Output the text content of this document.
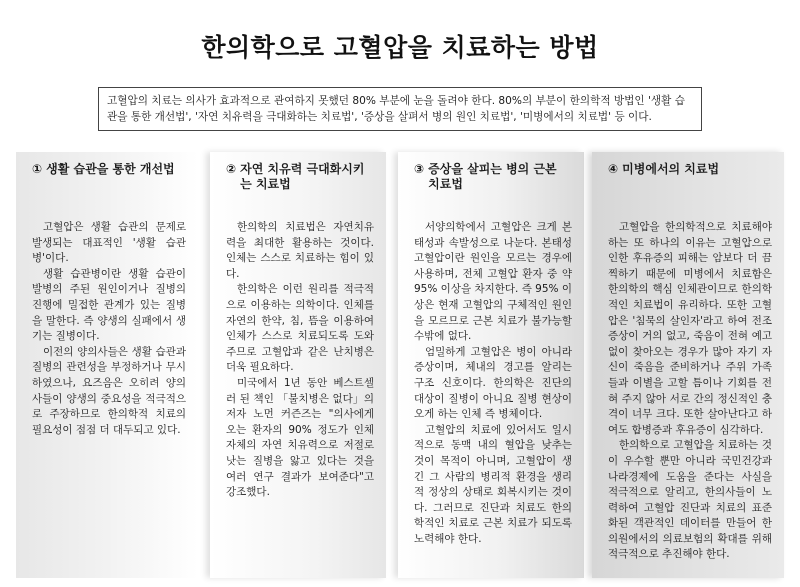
한의학으로 고혈압을 치료하는 방법
고혈압의 치료는 의사가 효과적으로 관여하지 못했던 80% 부분에 눈을 돌려야 한다. 80%의 부분이 한의학적 방법인 '생활 습관을 통한 개선법', '자연 치유력을 극대화하는 치료법', '증상을 살펴서 병의 원인 치료법', '미병에서의 치료법' 등 이다.
① 생활 습관을 통한 개선법

고혈압은 생활 습관의 문제로 발생되는 대표적인 '생활 습관병'이다.

생활 습관병이란 생활 습관이 발병의 주된 원인이거나 질병의 진행에 밀접한 관계가 있는 질병을 말한다. 즉 양생의 실패에서 생기는 질병이다.

이전의 양의사들은 생활 습관과 질병의 관련성을 부정하거나 무시하였으나, 요즈음은 오히려 양의사들이 양생의 중요성을 적극적으로 주장하므로 한의학적 치료의 필요성이 점점 더 대두되고 있다.

② 자연 치유력 극대화시키는 치료법

한의학의 치료법은 자연치유력을 최대한 활용하는 것이다. 인체는 스스로 치료하는 힘이 있다.

한의학은 이런 원리를 적극적으로 이용하는 의학이다. 인체를 자연의 한약, 침, 뜸을 이용하여 인체가 스스로 치료되도록 도와주므로 고혈압과 같은 난치병은 더욱 필요하다.

미국에서 1년 동안 베스트셀러 된 책인 「불치병은 없다」의 저자 노먼 커즌즈는 "의사에게 오는 환자의 90% 정도가 인체 자체의 자연 치유력으로 저절로 낫는 질병을 앓고 있다는 것을 여러 연구 결과가 보여준다"고 강조했다.

③ 증상을 살피는 병의 근본 치료법

서양의학에서 고혈압은 크게 본태성과 속발성으로 나눈다. 본태성 고혈압이란 원인을 모르는 경우에 사용하며, 전체 고혈압 환자 중 약 95% 이상을 차지한다. 즉 95% 이상은 현재 고혈압의 구체적인 원인을 모르므로 근본 치료가 불가능할 수밖에 없다.

엄밀하게 고혈압은 병이 아니라 증상이며, 체내의 경고를 알리는 구조 신호이다. 한의학은 진단의 대상이 질병이 아니요 질병 현상이 오게 하는 인체 즉 병체이다.

고혈압의 치료에 있어서도 일시적으로 동맥 내의 혈압을 낮추는 것이 목적이 아니며, 고혈압이 생긴 그 사람의 병리적 환경을 생리적 정상의 상태로 회복시키는 것이다. 그러므로 진단과 치료도 한의학적인 치료로 근본 치료가 되도록 노력해야 한다.

④ 미병에서의 치료법

고혈압을 한의학적으로 치료해야 하는 또 하나의 이유는 고혈압으로 인한 후유증의 피해는 암보다 더 끔찍하기 때문에 미병에서 치료함은 한의학의 핵심 인체관이므로 한의학적인 치료법이 유리하다. 또한 고혈압은 '침묵의 살인자'라고 하여 전조 증상이 거의 없고, 죽음이 전혀 예고 없이 찾아오는 경우가 많아 자기 자신이 죽음을 준비하거나 주위 가족들과 이별을 고할 틈이나 기회를 전혀 주지 않아 서로 간의 정신적인 충격이 너무 크다. 또한 살아난다고 하여도 합병증과 후유증이 심각하다.

한의학으로 고혈압을 치료하는 것이 우수할 뿐만 아니라 국민건강과 나라경제에 도움을 준다는 사실을 적극적으로 알리고, 한의사들이 노력하여 고혈압 진단과 치료의 표준화된 객관적인 데이터를 만들어 한의원에서의 의료보험의 확대를 위해 적극적으로 추진해야 한다.
